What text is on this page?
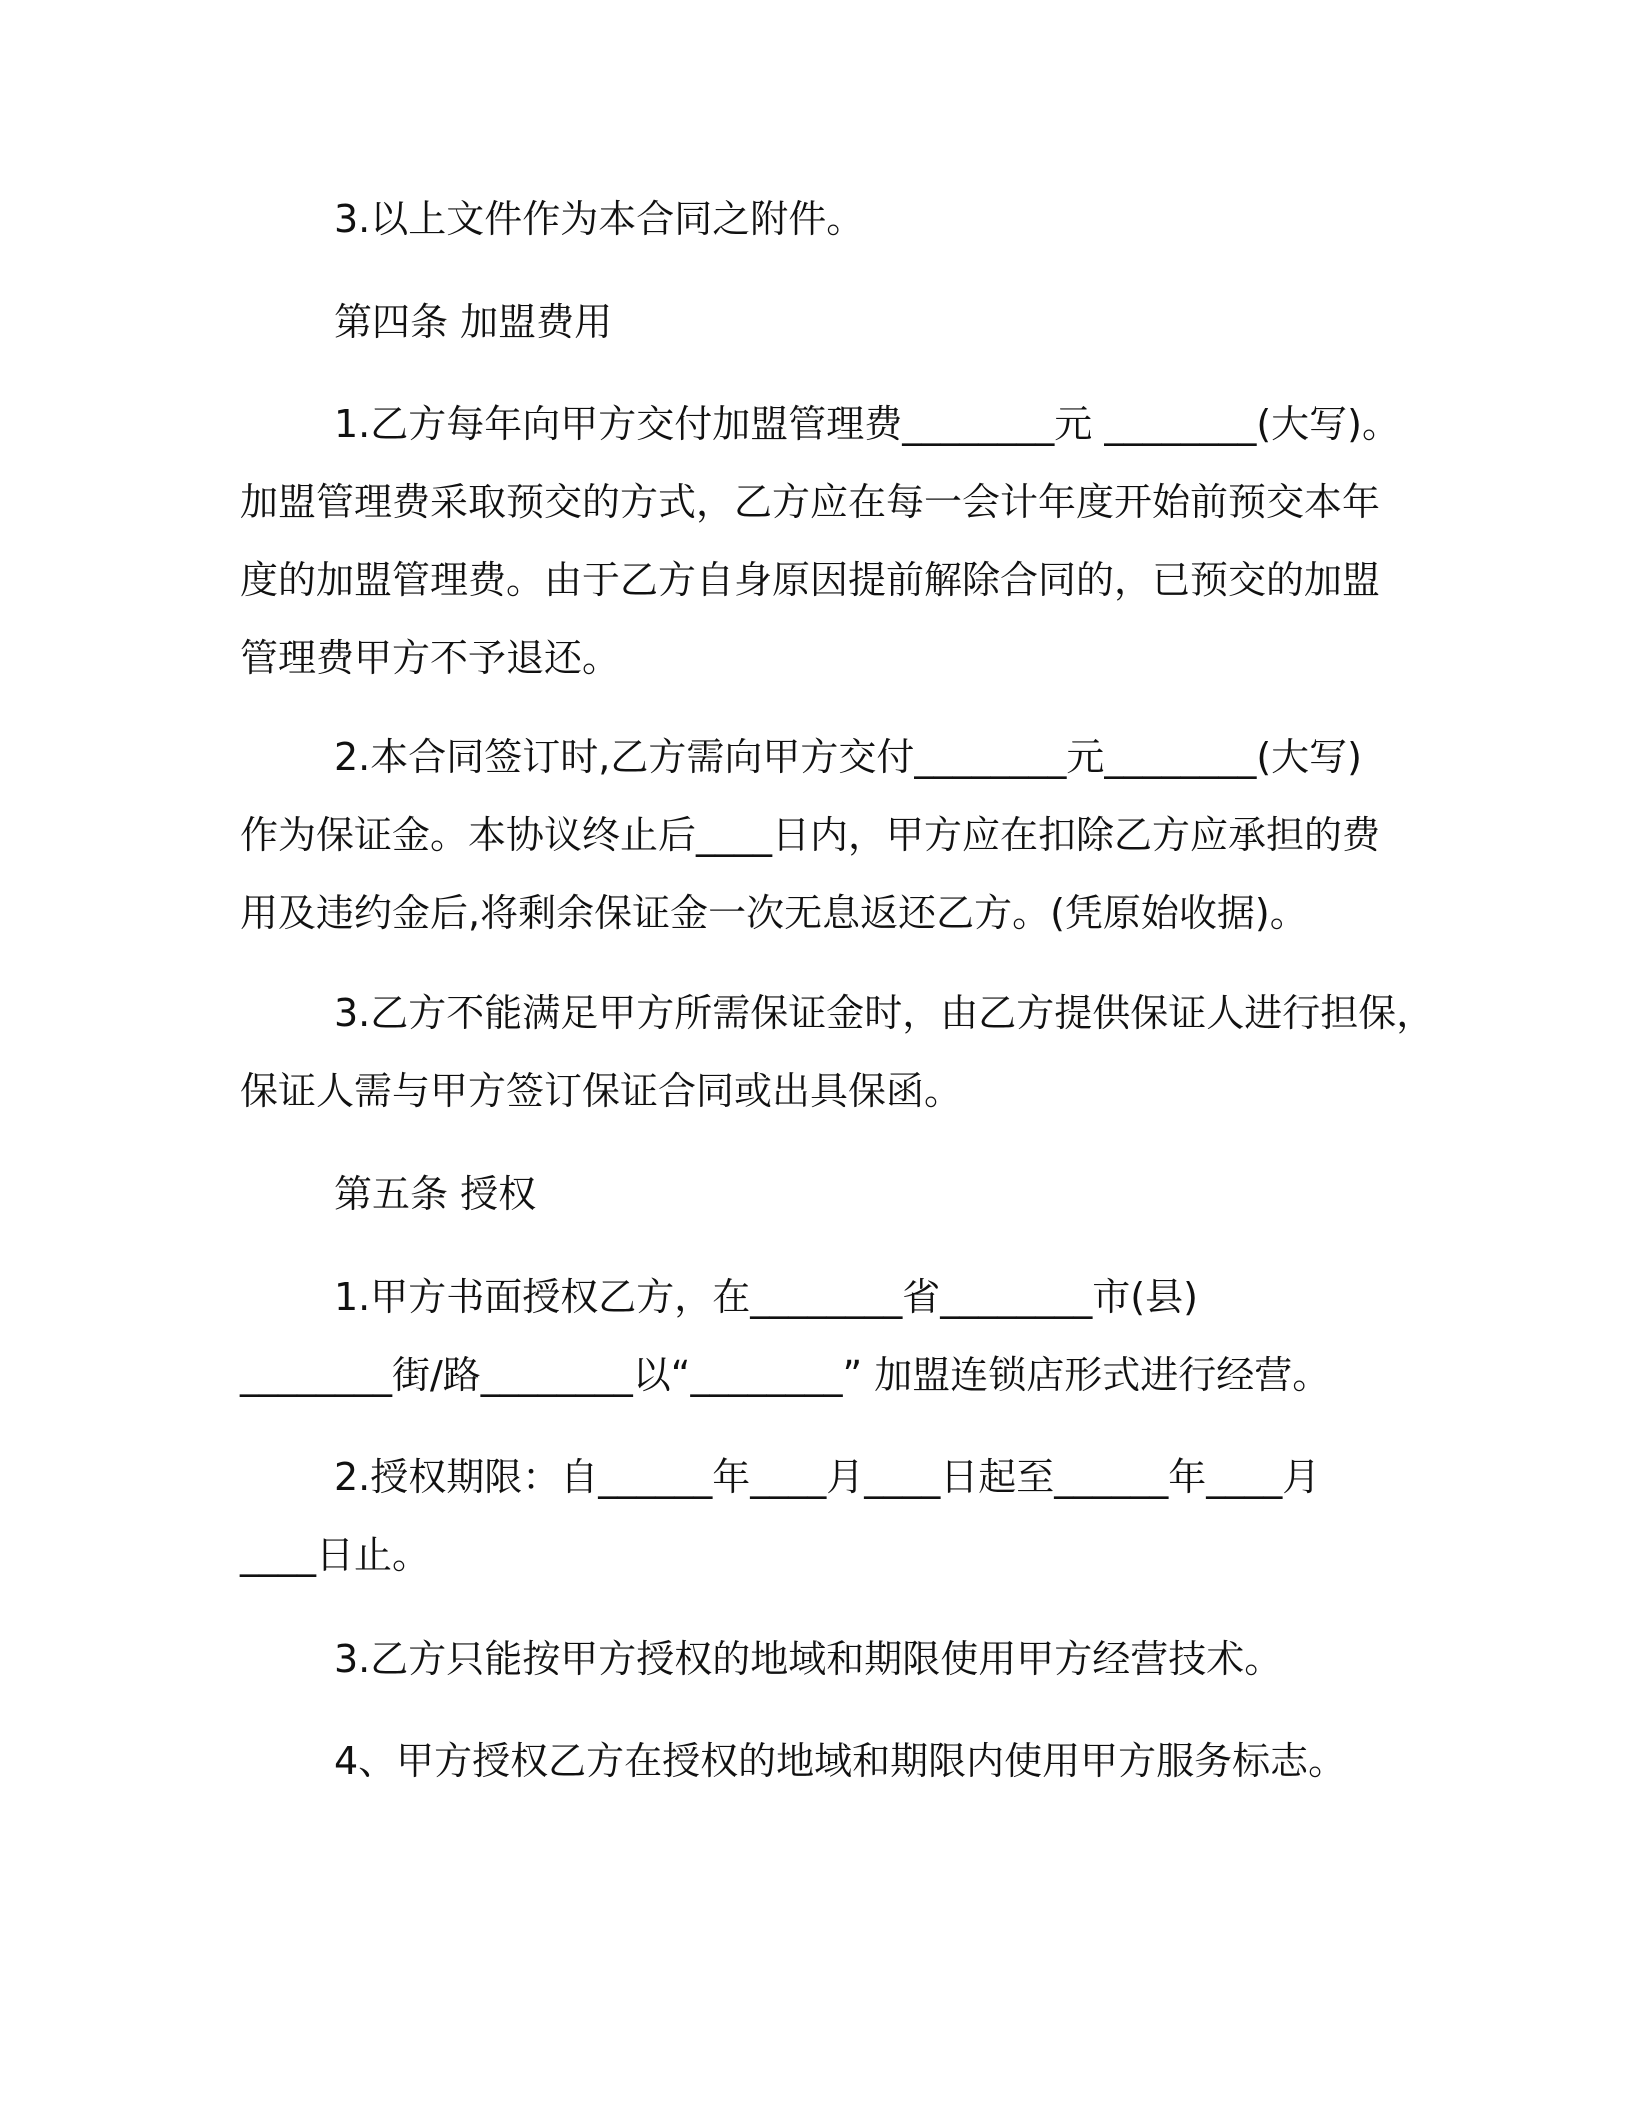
3.以上文件作为本合同之附件。
第四条 加盟费用
1.乙方每年向甲方交付加盟管理费________元 ________(大写)。
加盟管理费采取预交的方式，乙方应在每一会计年度开始前预交本年
度的加盟管理费。由于乙方自身原因提前解除合同的，已预交的加盟
管理费甲方不予退还。
2.本合同签订时,乙方需向甲方交付________元________(大写)
作为保证金。本协议终止后____日内，甲方应在扣除乙方应承担的费
用及违约金后,将剩余保证金一次无息返还乙方。(凭原始收据)。
3.乙方不能满足甲方所需保证金时，由乙方提供保证人进行担保，
保证人需与甲方签订保证合同或出具保函。
第五条 授权
1.甲方书面授权乙方，在________省________市(县)
________街/路________以“________” 加盟连锁店形式进行经营。
2.授权期限：自______年____月____日起至______年____月
____日止。
3.乙方只能按甲方授权的地域和期限使用甲方经营技术。
4、甲方授权乙方在授权的地域和期限内使用甲方服务标志。
